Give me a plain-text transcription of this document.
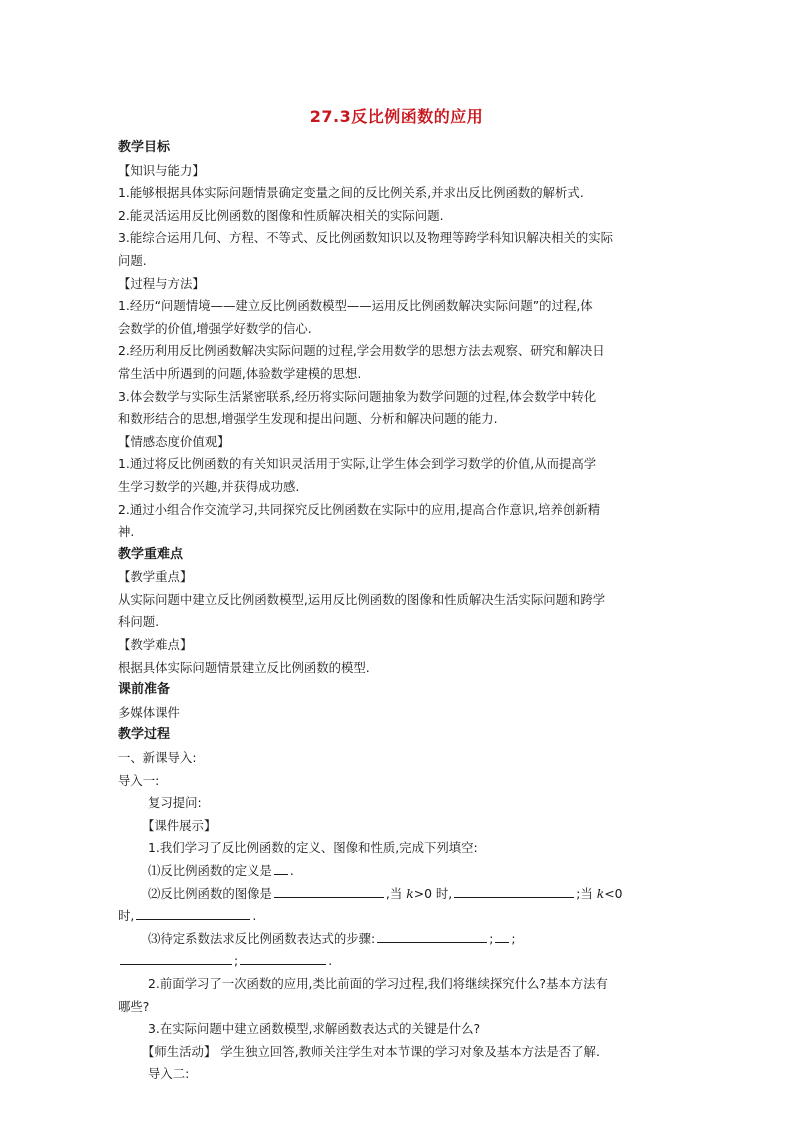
27.3反比例函数的应用
教学目标
【知识与能力】
1.能够根据具体实际问题情景确定变量之间的反比例关系,并求出反比例函数的解析式.
2.能灵活运用反比例函数的图像和性质解决相关的实际问题.
3.能综合运用几何、方程、不等式、反比例函数知识以及物理等跨学科知识解决相关的实际
问题.
【过程与方法】
1.经历“问题情境——建立反比例函数模型——运用反比例函数解决实际问题”的过程,体
会数学的价值,增强学好数学的信心.
2.经历利用反比例函数解决实际问题的过程,学会用数学的思想方法去观察、研究和解决日
常生活中所遇到的问题,体验数学建模的思想.
3.体会数学与实际生活紧密联系,经历将实际问题抽象为数学问题的过程,体会数学中转化
和数形结合的思想,增强学生发现和提出问题、分析和解决问题的能力.
【情感态度价值观】
1.通过将反比例函数的有关知识灵活用于实际,让学生体会到学习数学的价值,从而提高学
生学习数学的兴趣,并获得成功感.
2.通过小组合作交流学习,共同探究反比例函数在实际中的应用,提高合作意识,培养创新精
神.
教学重难点
【教学重点】
从实际问题中建立反比例函数模型,运用反比例函数的图像和性质解决生活实际问题和跨学
科问题.
【教学难点】
根据具体实际问题情景建立反比例函数的模型.
课前准备
多媒体课件
教学过程
一、新课导入:
导入一:
复习提问:
【课件展示】
1.我们学习了反比例函数的定义、图像和性质,完成下列填空:
⑴反比例函数的定义是 .
⑵反比例函数的图像是	,当 k>0 时,	;当 k<0
时,	.
⑶待定系数法求反比例函数表达式的步骤:	; ;
;	.
2.前面学习了一次函数的应用,类比前面的学习过程,我们将继续探究什么?基本方法有
哪些?
3.在实际问题中建立函数模型,求解函数表达式的关键是什么?
【师生活动】 学生独立回答,教师关注学生对本节课的学习对象及基本方法是否了解.
导入二:
